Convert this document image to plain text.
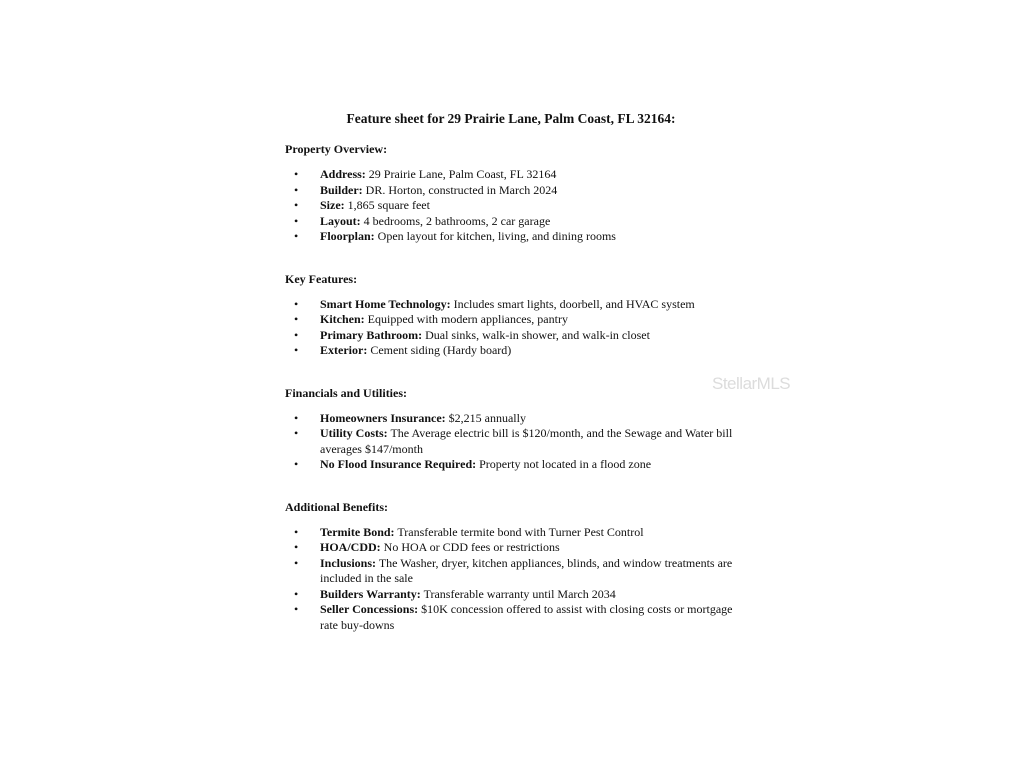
Feature sheet for 29 Prairie Lane, Palm Coast, FL 32164:
Property Overview:
• Address: 29 Prairie Lane, Palm Coast, FL 32164
• Builder: DR. Horton, constructed in March 2024
• Size: 1,865 square feet
• Layout: 4 bedrooms, 2 bathrooms, 2 car garage
• Floorplan: Open layout for kitchen, living, and dining rooms
Key Features:
• Smart Home Technology: Includes smart lights, doorbell, and HVAC system
• Kitchen: Equipped with modern appliances, pantry
• Primary Bathroom: Dual sinks, walk-in shower, and walk-in closet
• Exterior: Cement siding (Hardy board)
Financials and Utilities:
• Homeowners Insurance: $2,215 annually
• Utility Costs: The Average electric bill is $120/month, and the Sewage and Water bill averages $147/month
• No Flood Insurance Required: Property not located in a flood zone
Additional Benefits:
• Termite Bond: Transferable termite bond with Turner Pest Control
• HOA/CDD: No HOA or CDD fees or restrictions
• Inclusions: The Washer, dryer, kitchen appliances, blinds, and window treatments are included in the sale
• Builders Warranty: Transferable warranty until March 2034
• Seller Concessions: $10K concession offered to assist with closing costs or mortgage rate buy-downs
StellarMLS
